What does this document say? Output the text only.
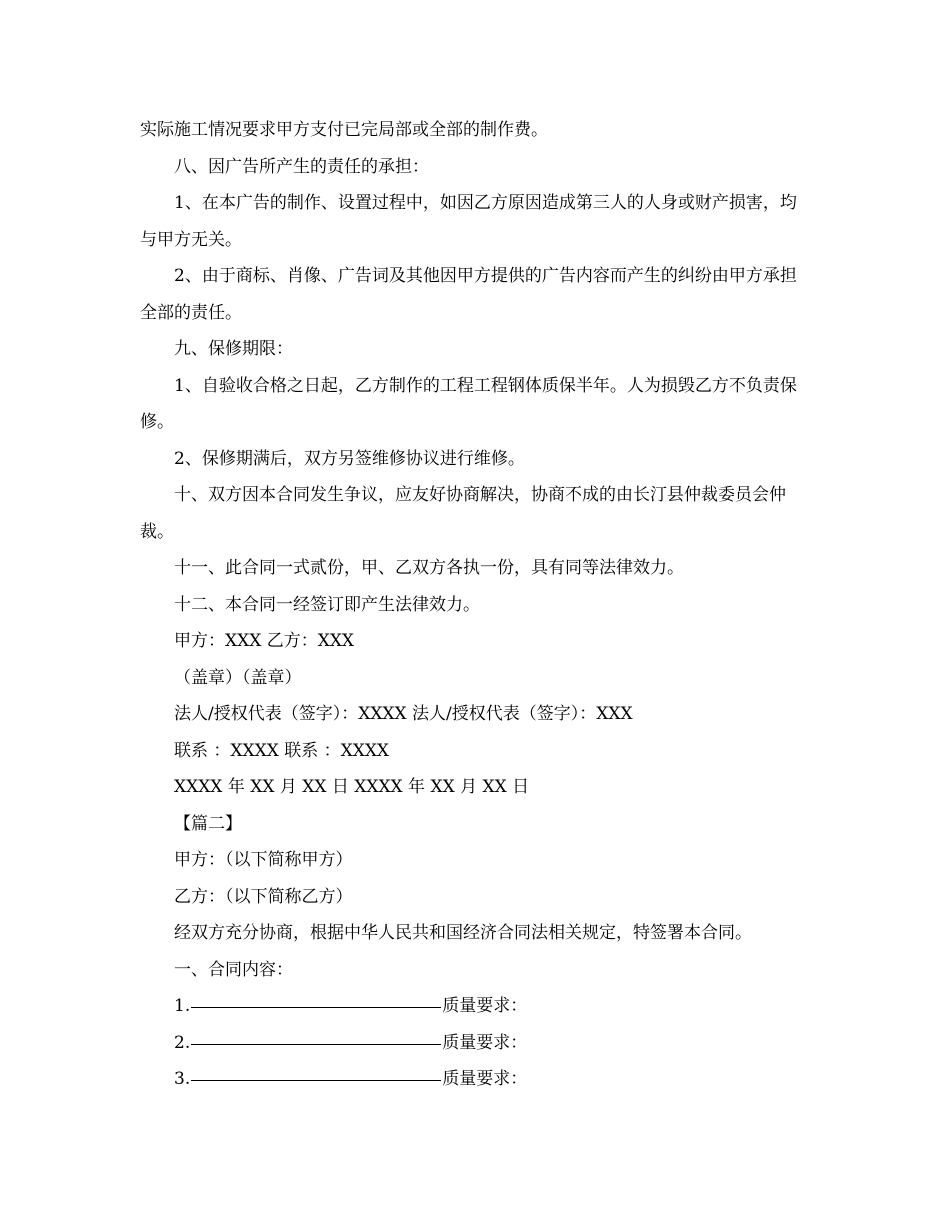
实际施工情况要求甲方支付已完局部或全部的制作费。

八、因广告所产生的责任的承担：

1、在本广告的制作、设置过程中，如因乙方原因造成第三人的人身或财产损害，均与甲方无关。

2、由于商标、肖像、广告词及其他因甲方提供的广告内容而产生的纠纷由甲方承担全部的责任。

九、保修期限：

1、自验收合格之日起，乙方制作的工程工程钢体质保半年。人为损毁乙方不负责保修。

2、保修期满后，双方另签维修协议进行维修。

十、双方因本合同发生争议，应友好协商解决，协商不成的由长汀县仲裁委员会仲裁。

十一、此合同一式贰份，甲、乙双方各执一份，具有同等法律效力。

十二、本合同一经签订即产生法律效力。

甲方：XXX 乙方：XXX

（盖章）（盖章）

法人/授权代表（签字）：XXXX 法人/授权代表（签字）：XXX

联系 ：XXXX 联系 ：XXXX

XXXX 年 XX 月 XX 日 XXXX 年 XX 月 XX 日

【篇二】

甲方：（以下简称甲方）

乙方：（以下简称乙方）

经双方充分协商，根据中华人民共和国经济合同法相关规定，特签署本合同。

一、合同内容：

1.	质量要求：
2.	质量要求：
3.	质量要求：
